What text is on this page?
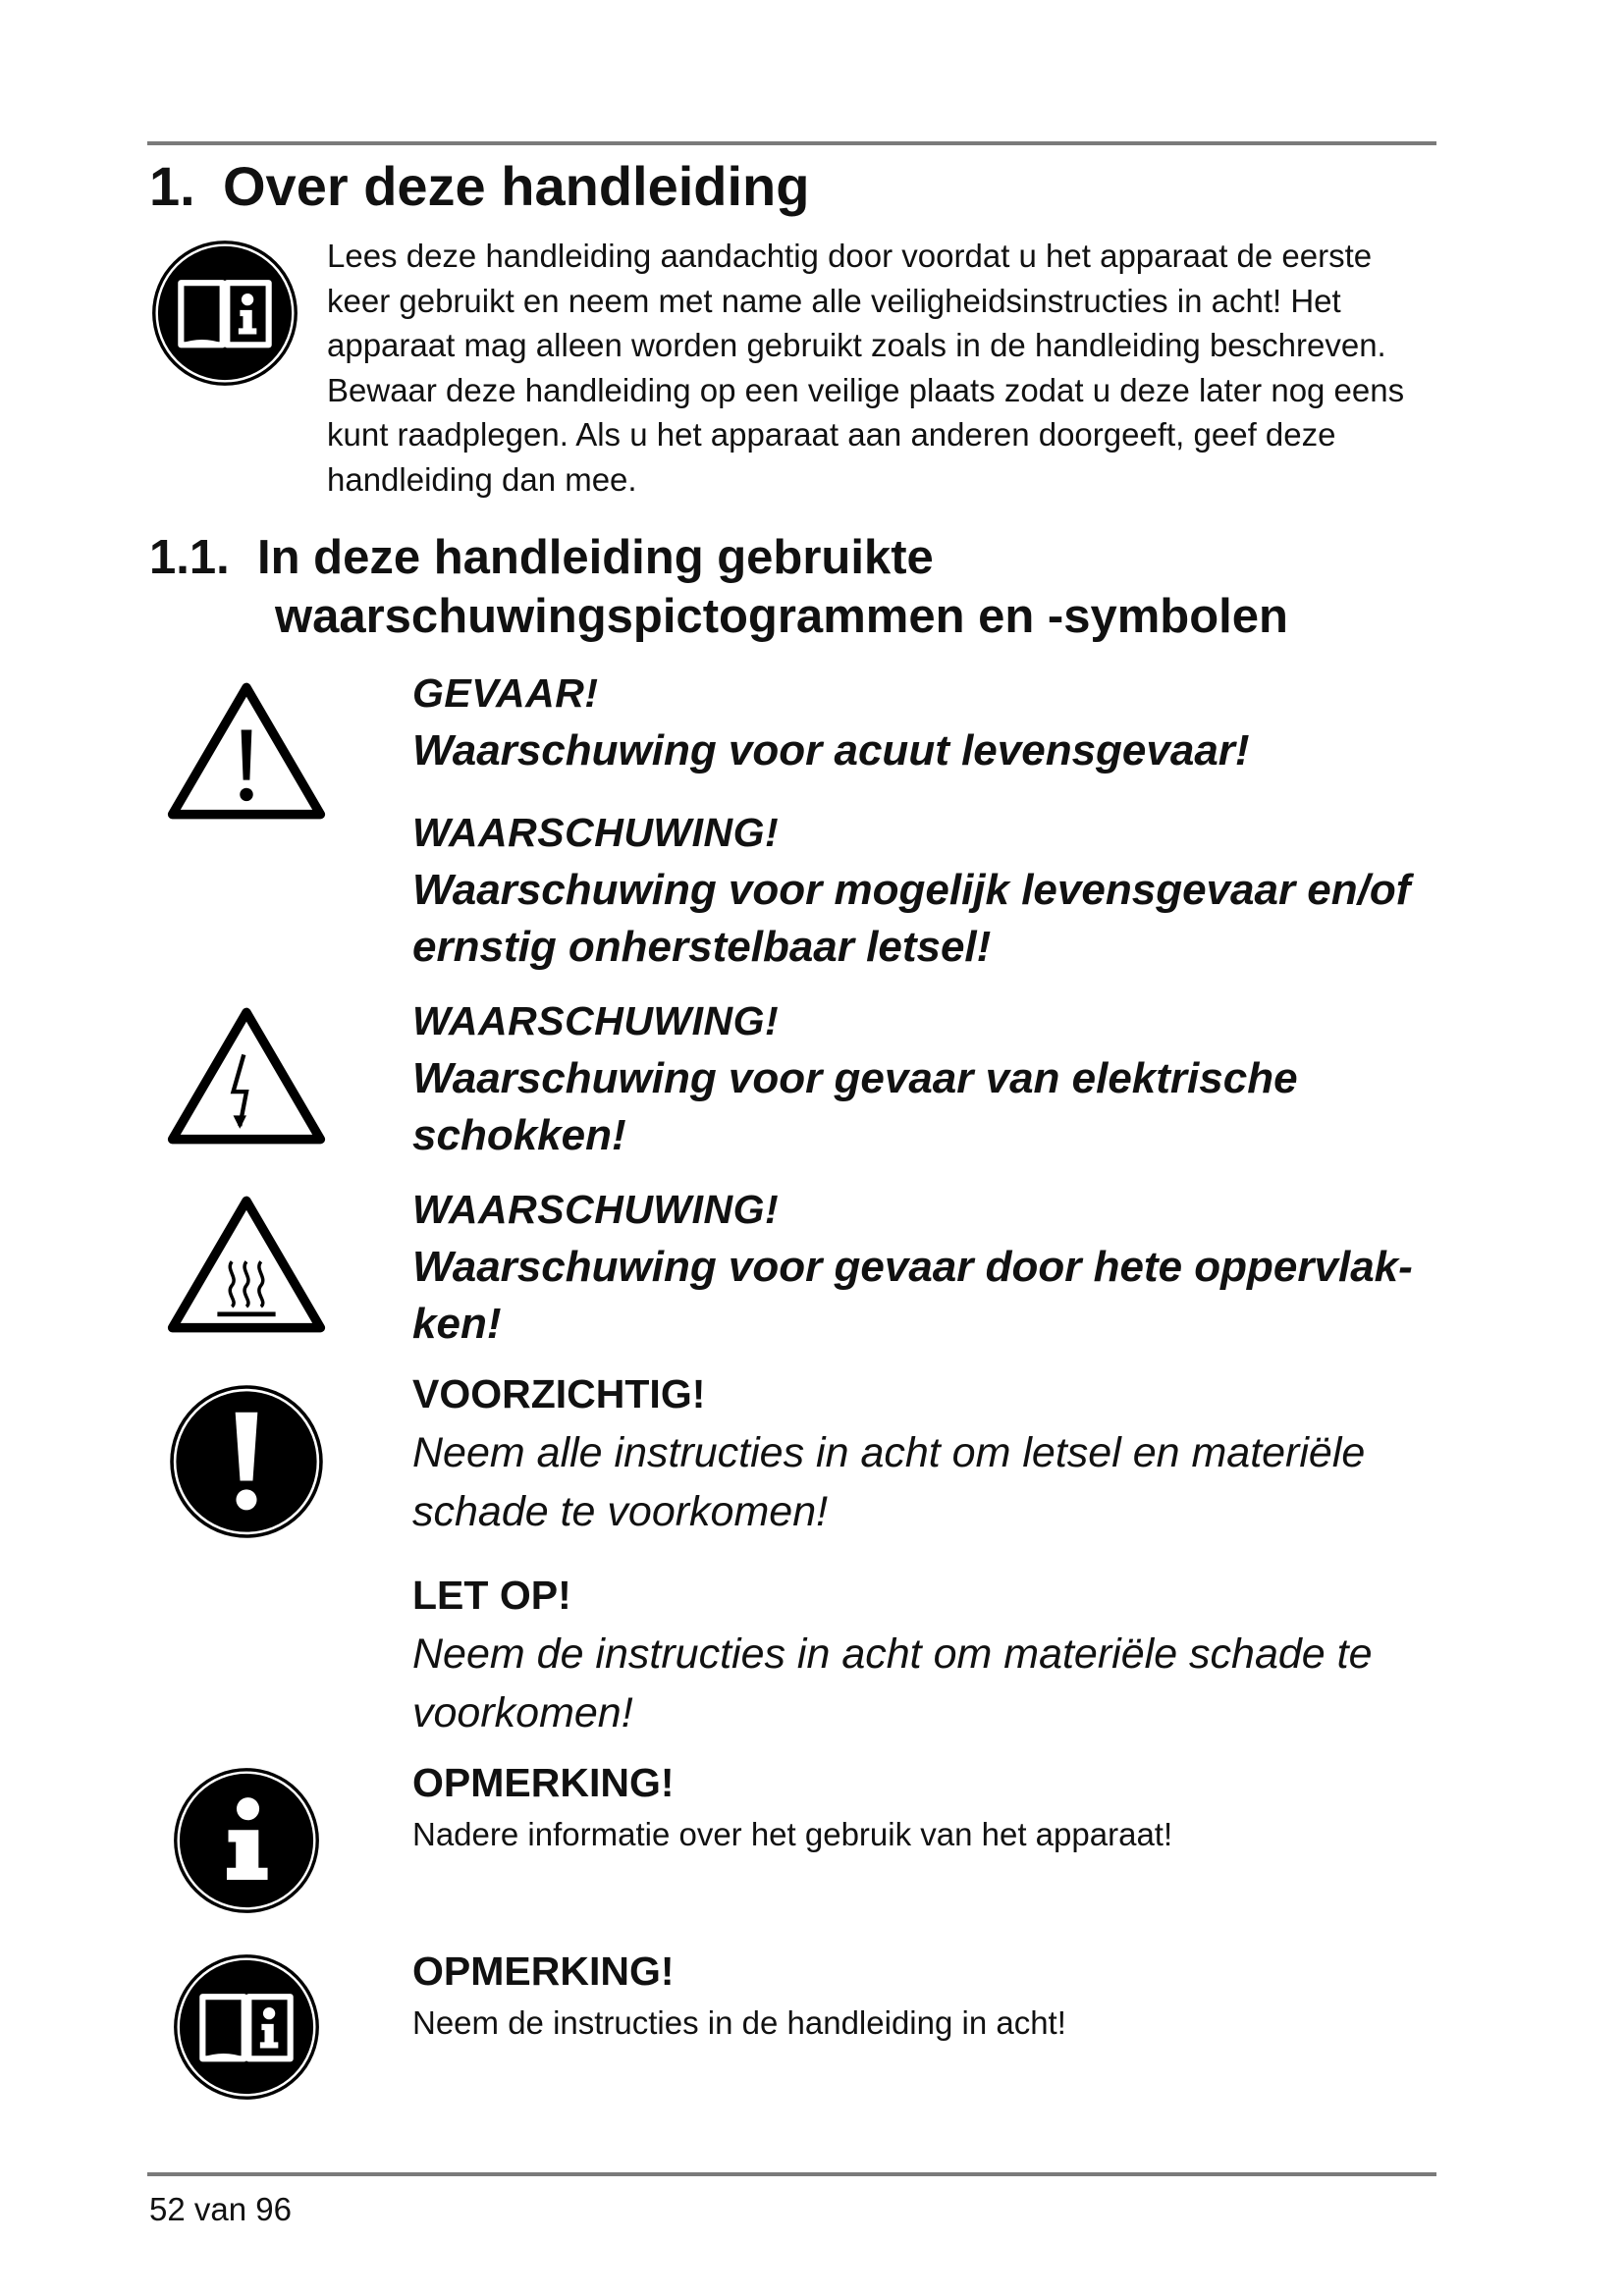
1. Over deze handleiding

Lees deze handleiding aandachtig door voordat u het apparaat de eerste keer gebruikt en neem met name alle veiligheidsinstructies in acht! Het apparaat mag alleen worden gebruikt zoals in de handleiding beschreven. Bewaar deze handleiding op een veilige plaats zodat u deze later nog eens kunt raadplegen. Als u het apparaat aan anderen doorgeeft, geef deze handleiding dan mee.

1.1. In deze handleiding gebruikte
waarschuwingspictogrammen en -symbolen

GEVAAR!

Waarschuwing voor acuut levensgevaar!

WAARSCHUWING!

Waarschuwing voor mogelijk levensgevaar en/of ernstig onherstelbaar letsel!

WAARSCHUWING!

Waarschuwing voor gevaar van elektrische schokken!

WAARSCHUWING!

Waarschuwing voor gevaar door hete oppervlakken!

VOORZICHTIG!

Neem alle instructies in acht om letsel en materiële schade te voorkomen!

LET OP!

Neem de instructies in acht om materiële schade te voorkomen!

OPMERKING!

Nadere informatie over het gebruik van het apparaat!

OPMERKING!

Neem de instructies in de handleiding in acht!

52 van 96
